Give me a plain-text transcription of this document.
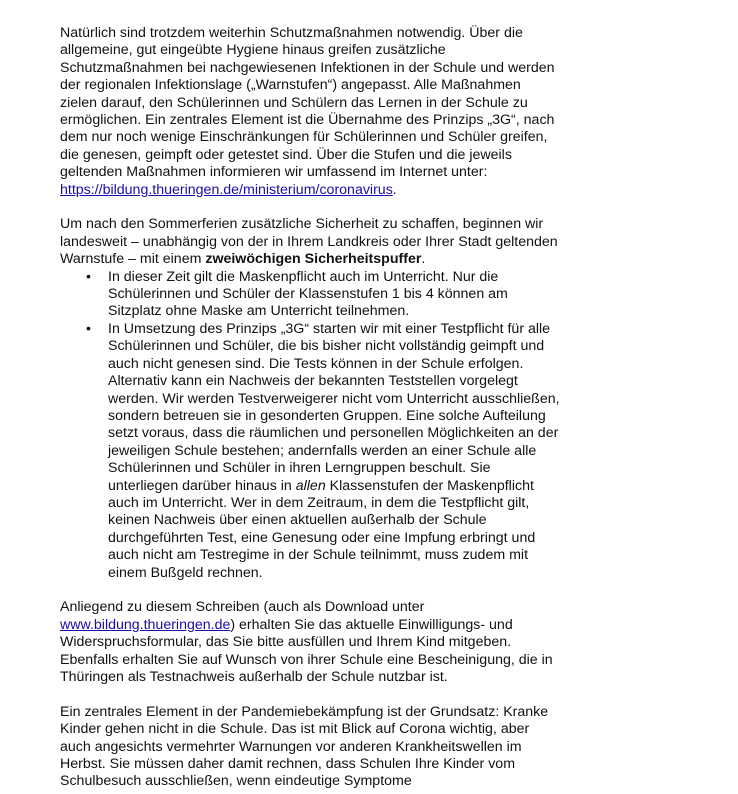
Natürlich sind trotzdem weiterhin Schutzmaßnahmen notwendig. Über die allgemeine, gut eingeübte Hygiene hinaus greifen zusätzliche Schutzmaßnahmen bei nachgewiesenen Infektionen in der Schule und werden der regionalen Infektionslage („Warnstufen“) angepasst. Alle Maßnahmen zielen darauf, den Schülerinnen und Schülern das Lernen in der Schule zu ermöglichen. Ein zentrales Element ist die Übernahme des Prinzips „3G“, nach dem nur noch wenige Einschränkungen für Schülerinnen und Schüler greifen, die genesen, geimpft oder getestet sind. Über die Stufen und die jeweils geltenden Maßnahmen informieren wir umfassend im Internet unter: https://bildung.thueringen.de/ministerium/coronavirus.

Um nach den Sommerferien zusätzliche Sicherheit zu schaffen, beginnen wir landesweit – unabhängig von der in Ihrem Landkreis oder Ihrer Stadt geltenden Warnstufe – mit einem zweiwöchigen Sicherheitspuffer.

• In dieser Zeit gilt die Maskenpflicht auch im Unterricht. Nur die Schülerinnen und Schüler der Klassenstufen 1 bis 4 können am Sitzplatz ohne Maske am Unterricht teilnehmen.
• In Umsetzung des Prinzips „3G“ starten wir mit einer Testpflicht für alle Schülerinnen und Schüler, die bis bisher nicht vollständig geimpft und auch nicht genesen sind. Die Tests können in der Schule erfolgen. Alternativ kann ein Nachweis der bekannten Teststellen vorgelegt werden. Wir werden Testverweigerer nicht vom Unterricht ausschließen, sondern betreuen sie in gesonderten Gruppen. Eine solche Aufteilung setzt voraus, dass die räumlichen und personellen Möglichkeiten an der jeweiligen Schule bestehen; andernfalls werden an einer Schule alle Schülerinnen und Schüler in ihren Lerngruppen beschult. Sie unterliegen darüber hinaus in allen Klassenstufen der Maskenpflicht auch im Unterricht. Wer in dem Zeitraum, in dem die Testpflicht gilt, keinen Nachweis über einen aktuellen außerhalb der Schule durchgeführten Test, eine Genesung oder eine Impfung erbringt und auch nicht am Testregime in der Schule teilnimmt, muss zudem mit einem Bußgeld rechnen.

Anliegend zu diesem Schreiben (auch als Download unter www.bildung.thueringen.de) erhalten Sie das aktuelle Einwilligungs- und Widerspruchsformular, das Sie bitte ausfüllen und Ihrem Kind mitgeben. Ebenfalls erhalten Sie auf Wunsch von ihrer Schule eine Bescheinigung, die in Thüringen als Testnachweis außerhalb der Schule nutzbar ist.

Ein zentrales Element in der Pandemiebekämpfung ist der Grundsatz: Kranke Kinder gehen nicht in die Schule. Das ist mit Blick auf Corona wichtig, aber auch angesichts vermehrter Warnungen vor anderen Krankheitswellen im Herbst. Sie müssen daher damit rechnen, dass Schulen Ihre Kinder vom Schulbesuch ausschließen, wenn eindeutige Symptome
